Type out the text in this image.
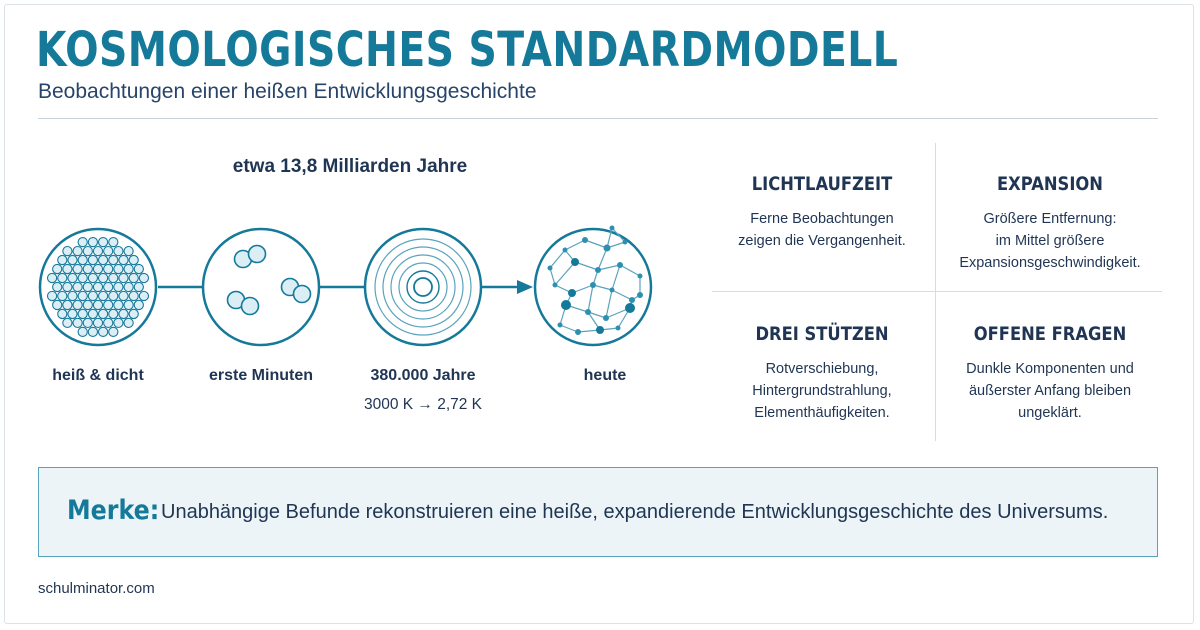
KOSMOLOGISCHES STANDARDMODELL
Beobachtungen einer heißen Entwicklungsgeschichte
etwa 13,8 Milliarden Jahre
heiß & dicht	erste Minuten	380.000 Jahre
3000 K → 2,72 K
heute
LICHTLAUFZEIT
Ferne Beobachtungen
zeigen die Vergangenheit.
EXPANSION
Größere Entfernung:
im Mittel größere
Expansionsgeschwindigkeit.
DREI STÜTZEN
Rotverschiebung,
Hintergrundstrahlung,
Elementhäufigkeiten.
OFFENE FRAGEN
Dunkle Komponenten und
äußerster Anfang bleiben
ungeklärt.
Merke: Unabhängige Befunde rekonstruieren eine heiße, expandierende Entwicklungsgeschichte des Universums.
schulminator.com
